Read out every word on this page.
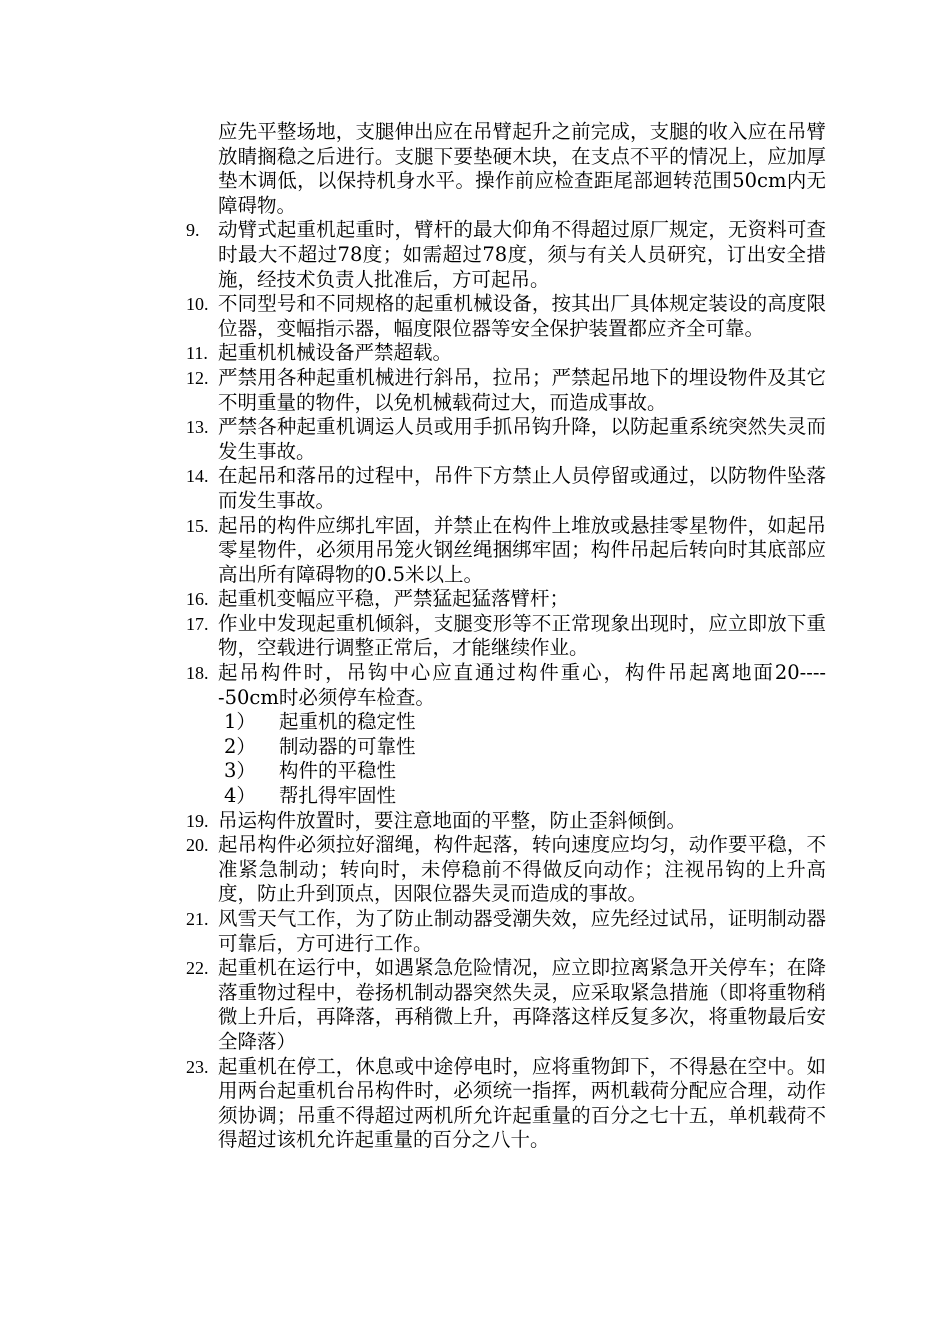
应先平整场地，支腿伸出应在吊臂起升之前完成，支腿的收入应在吊臂放睛搁稳之后进行。支腿下要垫硬木块，在支点不平的情况上，应加厚垫木调低，以保持机身水平。操作前应检查距尾部迴转范围50cm内无障碍物。
9. 动臂式起重机起重时，臂杆的最大仰角不得超过原厂规定，无资料可查时最大不超过78度；如需超过78度，须与有关人员研究，订出安全措施，经技术负责人批准后，方可起吊。
10. 不同型号和不同规格的起重机械设备，按其出厂具体规定装设的高度限位器，变幅指示器，幅度限位器等安全保护装置都应齐全可靠。
11. 起重机机械设备严禁超载。
12. 严禁用各种起重机械进行斜吊，拉吊；严禁起吊地下的埋设物件及其它不明重量的物件，以免机械载荷过大，而造成事故。
13. 严禁各种起重机调运人员或用手抓吊钩升降，以防起重系统突然失灵而发生事故。
14. 在起吊和落吊的过程中，吊件下方禁止人员停留或通过，以防物件坠落而发生事故。
15. 起吊的构件应绑扎牢固，并禁止在构件上堆放或悬挂零星物件，如起吊零星物件，必须用吊笼火钢丝绳捆绑牢固；构件吊起后转向时其底部应高出所有障碍物的0.5米以上。
16. 起重机变幅应平稳，严禁猛起猛落臂杆；
17. 作业中发现起重机倾斜，支腿变形等不正常现象出现时，应立即放下重物，空载进行调整正常后，才能继续作业。
18. 起吊构件时，吊钩中心应直通过构件重心，构件吊起离地面20-----50cm时必须停车检查。
1） 起重机的稳定性
2） 制动器的可靠性
3） 构件的平稳性
4） 帮扎得牢固性
19. 吊运构件放置时，要注意地面的平整，防止歪斜倾倒。
20. 起吊构件必须拉好溜绳，构件起落，转向速度应均匀，动作要平稳，不准紧急制动；转向时，未停稳前不得做反向动作；注视吊钩的上升高度，防止升到顶点，因限位器失灵而造成的事故。
21. 风雪天气工作，为了防止制动器受潮失效，应先经过试吊，证明制动器可靠后，方可进行工作。
22. 起重机在运行中，如遇紧急危险情况，应立即拉离紧急开关停车；在降落重物过程中，卷扬机制动器突然失灵，应采取紧急措施（即将重物稍微上升后，再降落，再稍微上升，再降落这样反复多次，将重物最后安全降落）
23. 起重机在停工，休息或中途停电时，应将重物卸下，不得悬在空中。如用两台起重机台吊构件时，必须统一指挥，两机载荷分配应合理，动作须协调；吊重不得超过两机所允许起重量的百分之七十五，单机载荷不得超过该机允许起重量的百分之八十。
